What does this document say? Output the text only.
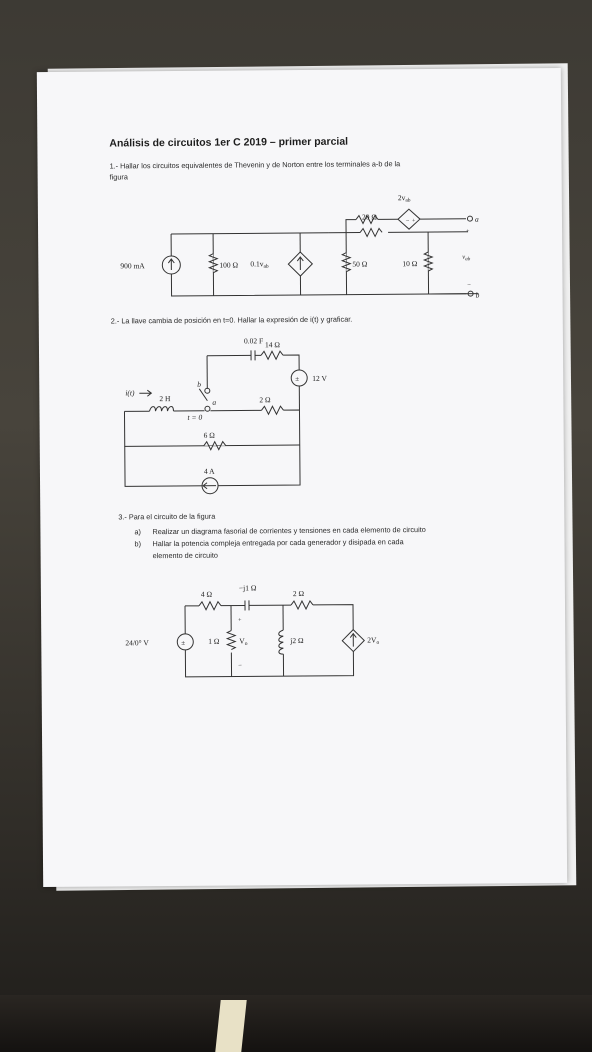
Análisis de circuitos 1er C 2019 – primer parcial
1.- Hallar los circuitos equivalentes de Thevenin y de Norton entre los terminales a-b de la
figura
900 mA	100 Ω $0.1v_{ab}$
20 Ω
$2v_{ab}$
50 Ω	10 Ω
a
b
+
$v_{ab}$
–
– +
2.- La llave cambia de posición en t=0. Hallar la expresión de i(t) y graficar.
0.02 F 14 Ω
± 12 V
i(t)
2 H
b
a
t = 0
2 Ω
6 Ω
4 A
3.- Para el circuito de la figura
a) Realizar un diagrama fasorial de corrientes y tensiones en cada elemento de circuito
b) Hallar la potencia compleja entregada por cada generador y disipada en cada
elemento de circuito
±
24/0° V
4 Ω
−j1 Ω
2 Ω
1 Ω
+
$V_o$
–
j2 Ω	$2V_o$
